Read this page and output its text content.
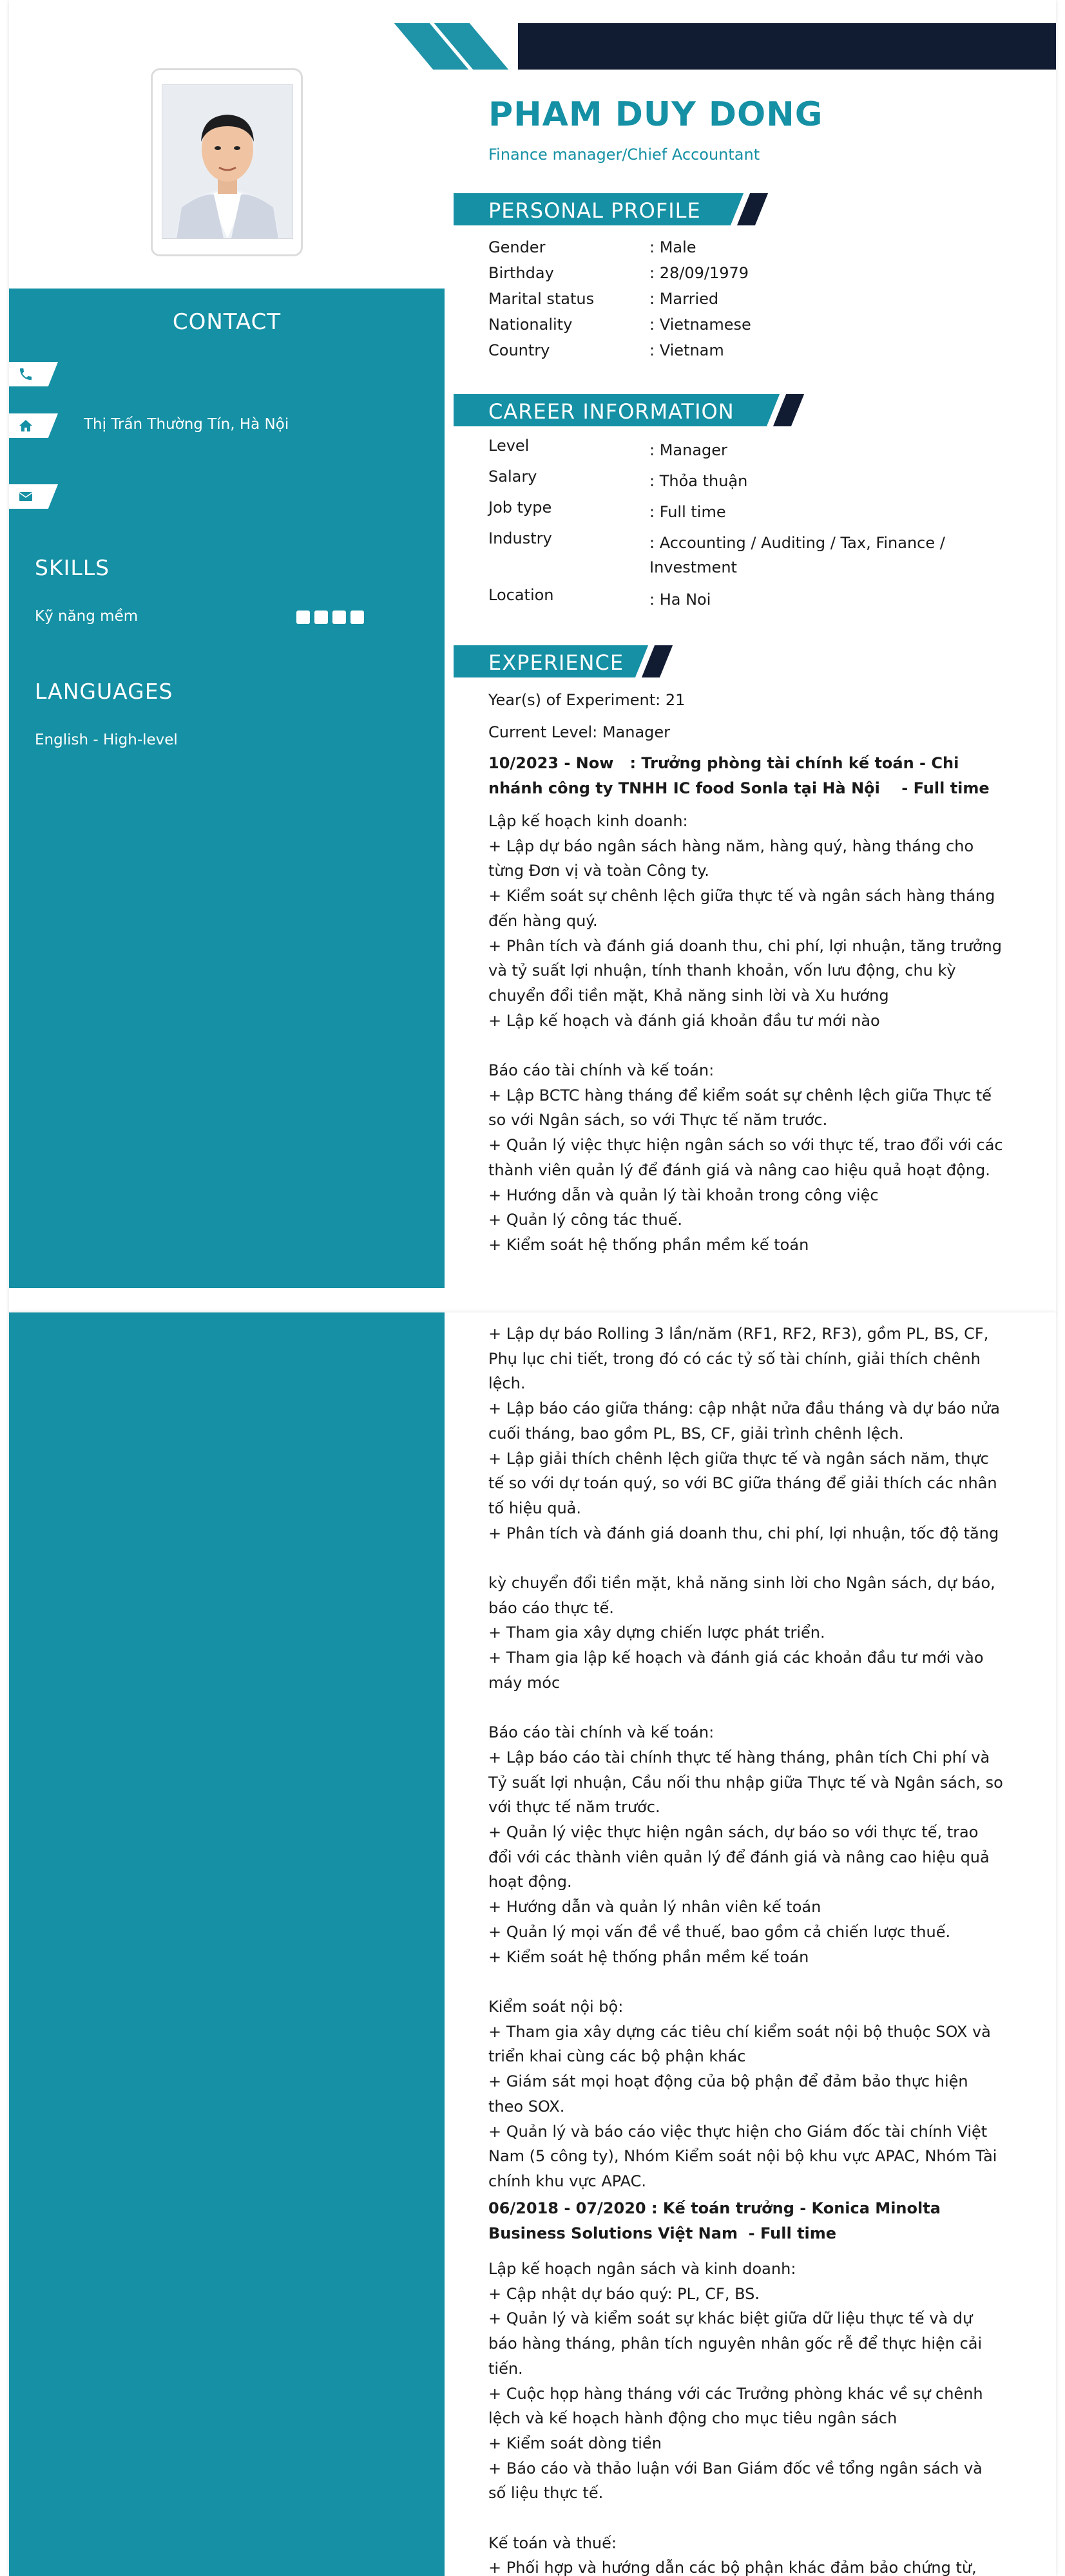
CONTACT
Thị Trấn Thường Tín, Hà Nội
SKILLS
Kỹ năng mềm
LANGUAGES
English - High-level
PHAM DUY DONG
Finance manager/Chief Accountant
PERSONAL PROFILE
Gender	: Male
Birthday	: 28/09/1979
Marital status	: Married
Nationality	: Vietnamese
Country	: Vietnam
CAREER INFORMATION
Level	: Manager
Salary	: Thỏa thuận
Job type	: Full time
Industry	: Accounting / Auditing / Tax, Finance / Investment
Location	: Ha Noi
EXPERIENCE
Year(s) of Experiment: 21
Current Level: Manager
10/2023 - Now   : Trưởng phòng tài chính kế toán - Chi nhánh công ty TNHH IC food Sonla tại Hà Nội    - Full time
Lập kế hoạch kinh doanh:
+ Lập dự báo ngân sách hàng năm, hàng quý, hàng tháng cho từng Đơn vị và toàn Công ty.
+ Kiểm soát sự chênh lệch giữa thực tế và ngân sách hàng tháng đến hàng quý.
+ Phân tích và đánh giá doanh thu, chi phí, lợi nhuận, tăng trưởng và tỷ suất lợi nhuận, tính thanh khoản, vốn lưu động, chu kỳ chuyển đổi tiền mặt, Khả năng sinh lời và Xu hướng
+ Lập kế hoạch và đánh giá khoản đầu tư mới nào

Báo cáo tài chính và kế toán:
+ Lập BCTC hàng tháng để kiểm soát sự chênh lệch giữa Thực tế so với Ngân sách, so với Thực tế năm trước.
+ Quản lý việc thực hiện ngân sách so với thực tế, trao đổi với các thành viên quản lý để đánh giá và nâng cao hiệu quả hoạt động.
+ Hướng dẫn và quản lý tài khoản trong công việc
+ Quản lý công tác thuế.
+ Kiểm soát hệ thống phần mềm kế toán
+ Lập dự báo Rolling 3 lần/năm (RF1, RF2, RF3), gồm PL, BS, CF, Phụ lục chi tiết, trong đó có các tỷ số tài chính, giải thích chênh lệch.
+ Lập báo cáo giữa tháng: cập nhật nửa đầu tháng và dự báo nửa cuối tháng, bao gồm PL, BS, CF, giải trình chênh lệch.
+ Lập giải thích chênh lệch giữa thực tế và ngân sách năm, thực tế so với dự toán quý, so với BC giữa tháng để giải thích các nhân tố hiệu quả.
+ Phân tích và đánh giá doanh thu, chi phí, lợi nhuận, tốc độ tăng

kỳ chuyển đổi tiền mặt, khả năng sinh lời cho Ngân sách, dự báo, báo cáo thực tế.
+ Tham gia xây dựng chiến lược phát triển.
+ Tham gia lập kế hoạch và đánh giá các khoản đầu tư mới vào máy móc

Báo cáo tài chính và kế toán:
+ Lập báo cáo tài chính thực tế hàng tháng, phân tích Chi phí và Tỷ suất lợi nhuận, Cầu nối thu nhập giữa Thực tế và Ngân sách, so với thực tế năm trước.
+ Quản lý việc thực hiện ngân sách, dự báo so với thực tế, trao đổi với các thành viên quản lý để đánh giá và nâng cao hiệu quả hoạt động.
+ Hướng dẫn và quản lý nhân viên kế toán
+ Quản lý mọi vấn đề về thuế, bao gồm cả chiến lược thuế.
+ Kiểm soát hệ thống phần mềm kế toán

Kiểm soát nội bộ:
+ Tham gia xây dựng các tiêu chí kiểm soát nội bộ thuộc SOX và triển khai cùng các bộ phận khác
+ Giám sát mọi hoạt động của bộ phận để đảm bảo thực hiện theo SOX.
+ Quản lý và báo cáo việc thực hiện cho Giám đốc tài chính Việt Nam (5 công ty), Nhóm Kiểm soát nội bộ khu vực APAC, Nhóm Tài chính khu vực APAC.
06/2018 - 07/2020 : Kế toán trưởng - Konica Minolta Business Solutions Việt Nam  - Full time
Lập kế hoạch ngân sách và kinh doanh:
+ Cập nhật dự báo quý: PL, CF, BS.
+ Quản lý và kiểm soát sự khác biệt giữa dữ liệu thực tế và dự báo hàng tháng, phân tích nguyên nhân gốc rễ để thực hiện cải tiến.
+ Cuộc họp hàng tháng với các Trưởng phòng khác về sự chênh lệch và kế hoạch hành động cho mục tiêu ngân sách
+ Kiểm soát dòng tiền
+ Báo cáo và thảo luận với Ban Giám đốc về tổng ngân sách và số liệu thực tế.

Kế toán và thuế:
+ Phối hợp và hướng dẫn các bộ phận khác đảm bảo chứng từ,
